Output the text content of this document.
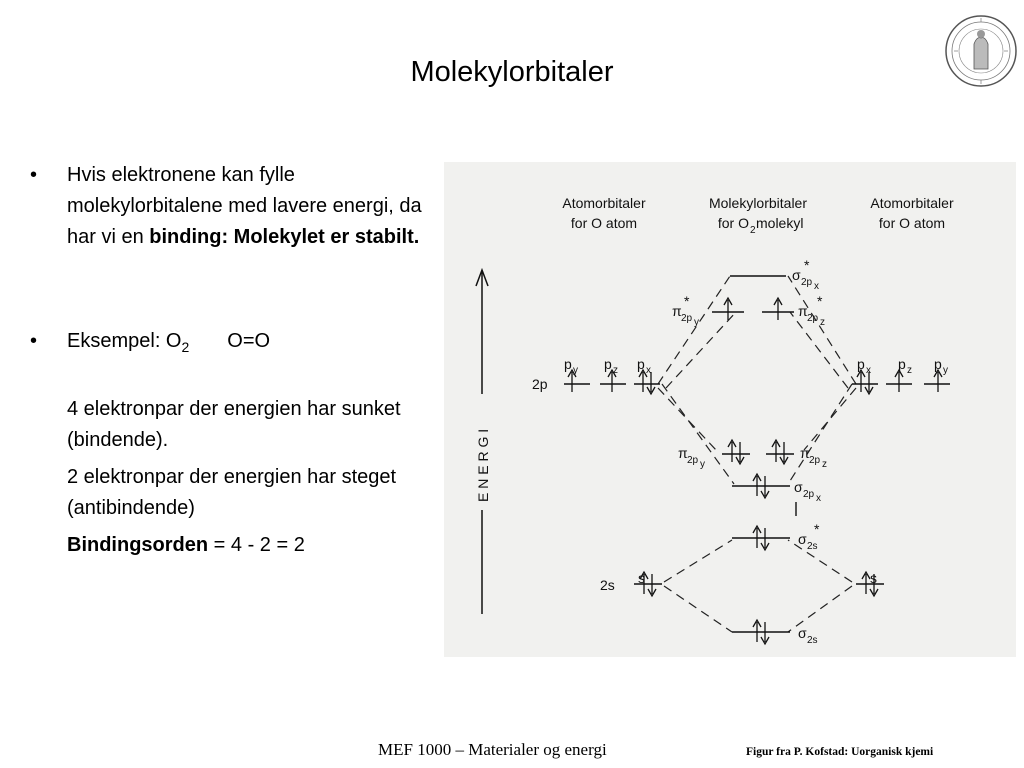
Molekylorbitaler
• Hvis elektronene kan fylle molekylorbitalene med lavere energi, da har vi en binding: Molekylet er stabilt.
• Eksempel: $O_2$ O=O
4 elektronpar der energien har sunket (bindende).
2 elektronpar der energien har steget (antibindende)
Bindingsorden = 4 - 2 = 2
Atomorbitaler
for O atom
Molekylorbitaler
for O 2 molekyl
Atomorbitaler
for O atom
E N E R G I
2p
2s
p y p z p x	p x p z p y
s	s
σ 2p x
*
π 2p y
*
π 2p z
*
π 2p y
π 2p z
σ 2p x
σ 2s
*
σ 2s
MEF 1000 – Materialer og energi	Figur fra P. Kofstad: Uorganisk kjemi
